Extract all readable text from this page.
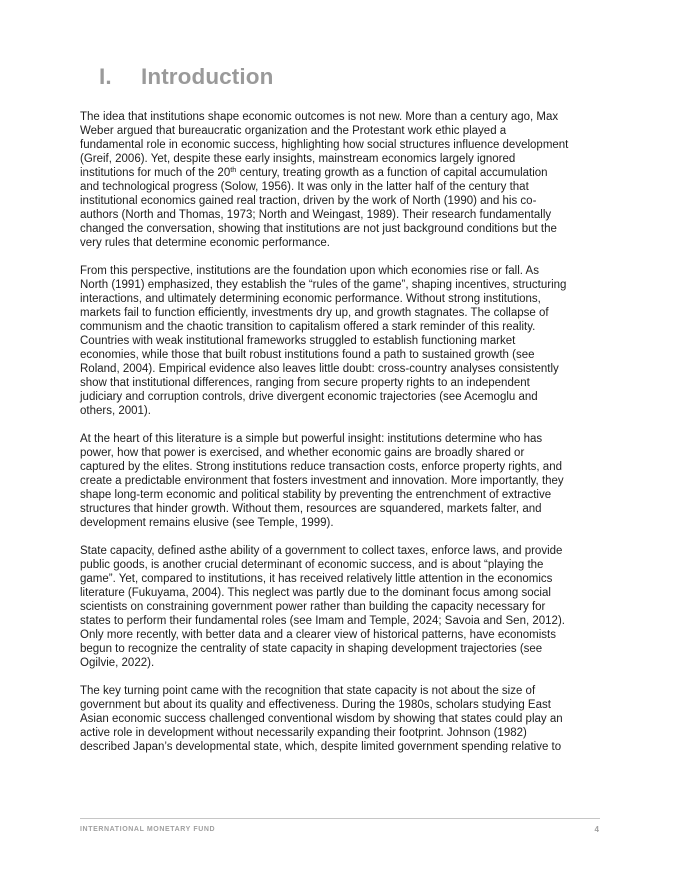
I. Introduction

The idea that institutions shape economic outcomes is not new. More than a century ago, Max
Weber argued that bureaucratic organization and the Protestant work ethic played a
fundamental role in economic success, highlighting how social structures influence development
(Greif, 2006). Yet, despite these early insights, mainstream economics largely ignored
institutions for much of the 20th century, treating growth as a function of capital accumulation
and technological progress (Solow, 1956). It was only in the latter half of the century that
institutional economics gained real traction, driven by the work of North (1990) and his co-
authors (North and Thomas, 1973; North and Weingast, 1989). Their research fundamentally
changed the conversation, showing that institutions are not just background conditions but the
very rules that determine economic performance.

From this perspective, institutions are the foundation upon which economies rise or fall. As
North (1991) emphasized, they establish the “rules of the game”, shaping incentives, structuring
interactions, and ultimately determining economic performance. Without strong institutions,
markets fail to function efficiently, investments dry up, and growth stagnates. The collapse of
communism and the chaotic transition to capitalism offered a stark reminder of this reality.
Countries with weak institutional frameworks struggled to establish functioning market
economies, while those that built robust institutions found a path to sustained growth (see
Roland, 2004). Empirical evidence also leaves little doubt: cross-country analyses consistently
show that institutional differences, ranging from secure property rights to an independent
judiciary and corruption controls, drive divergent economic trajectories (see Acemoglu and
others, 2001).

At the heart of this literature is a simple but powerful insight: institutions determine who has
power, how that power is exercised, and whether economic gains are broadly shared or
captured by the elites. Strong institutions reduce transaction costs, enforce property rights, and
create a predictable environment that fosters investment and innovation. More importantly, they
shape long-term economic and political stability by preventing the entrenchment of extractive
structures that hinder growth. Without them, resources are squandered, markets falter, and
development remains elusive (see Temple, 1999).

State capacity, defined asthe ability of a government to collect taxes, enforce laws, and provide
public goods, is another crucial determinant of economic success, and is about “playing the
game”. Yet, compared to institutions, it has received relatively little attention in the economics
literature (Fukuyama, 2004). This neglect was partly due to the dominant focus among social
scientists on constraining government power rather than building the capacity necessary for
states to perform their fundamental roles (see Imam and Temple, 2024; Savoia and Sen, 2012).
Only more recently, with better data and a clearer view of historical patterns, have economists
begun to recognize the centrality of state capacity in shaping development trajectories (see
Ogilvie, 2022).

The key turning point came with the recognition that state capacity is not about the size of
government but about its quality and effectiveness. During the 1980s, scholars studying East
Asian economic success challenged conventional wisdom by showing that states could play an
active role in development without necessarily expanding their footprint. Johnson (1982)
described Japan’s developmental state, which, despite limited government spending relative to

INTERNATIONAL MONETARY FUND	4
